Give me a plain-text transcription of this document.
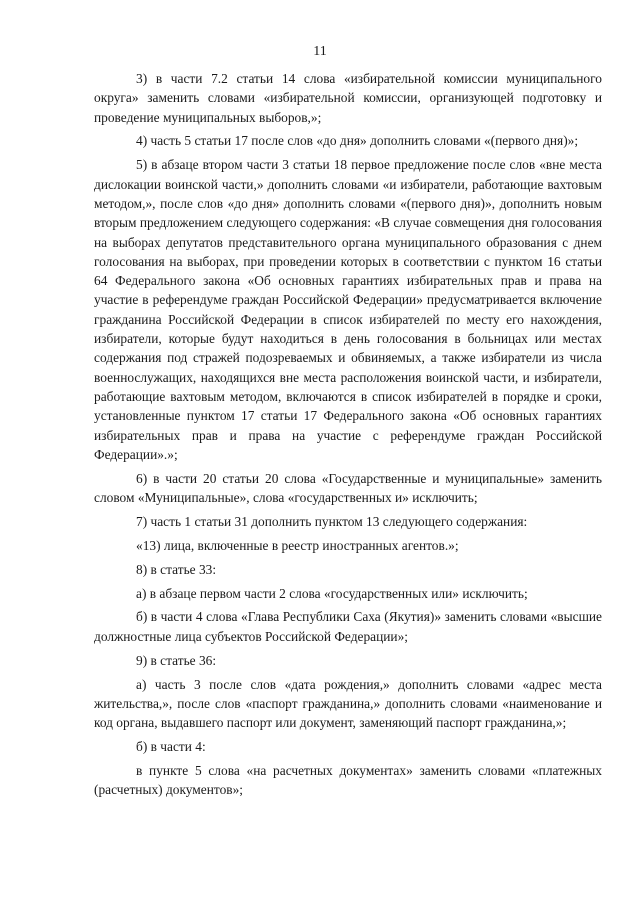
11

3) в части 7.2 статьи 14 слова «избирательной комиссии муниципального округа» заменить словами «избирательной комиссии, организующей подготовку и проведение муниципальных выборов,»;

4) часть 5 статьи 17 после слов «до дня» дополнить словами «(первого дня)»;

5) в абзаце втором части 3 статьи 18 первое предложение после слов «вне места дислокации воинской части,» дополнить словами «и избиратели, работающие вахтовым методом,», после слов «до дня» дополнить словами «(первого дня)», дополнить новым вторым предложением следующего содержания: «В случае совмещения дня голосования на выборах депутатов представительного органа муниципального образования с днем голосования на выборах, при проведении которых в соответствии с пунктом 16 статьи 64 Федерального закона «Об основных гарантиях избирательных прав и права на участие в референдуме граждан Российской Федерации» предусматривается включение гражданина Российской Федерации в список избирателей по месту его нахождения, избиратели, которые будут находиться в день голосования в больницах или местах содержания под стражей подозреваемых и обвиняемых, а также избиратели из числа военнослужащих, находящихся вне места расположения воинской части, и избиратели, работающие вахтовым методом, включаются в список избирателей в порядке и сроки, установленные пунктом 17 статьи 17 Федерального закона «Об основных гарантиях избирательных прав и права на участие с референдуме граждан Российской Федерации».»;

6) в части 20 статьи 20 слова «Государственные и муниципальные» заменить словом «Муниципальные», слова «государственных и» исключить;

7) часть 1 статьи 31 дополнить пунктом 13 следующего содержания:

«13) лица, включенные в реестр иностранных агентов.»;

8) в статье 33:

а) в абзаце первом части 2 слова «государственных или» исключить;

б) в части 4 слова «Глава Республики Саха (Якутия)» заменить словами «высшие должностные лица субъектов Российской Федерации»;

9) в статье 36:

а) часть 3 после слов «дата рождения,» дополнить словами «адрес места жительства,», после слов «паспорт гражданина,» дополнить словами «наименование и код органа, выдавшего паспорт или документ, заменяющий паспорт гражданина,»;

б) в части 4:

в пункте 5 слова «на расчетных документах» заменить словами «платежных (расчетных) документов»;
